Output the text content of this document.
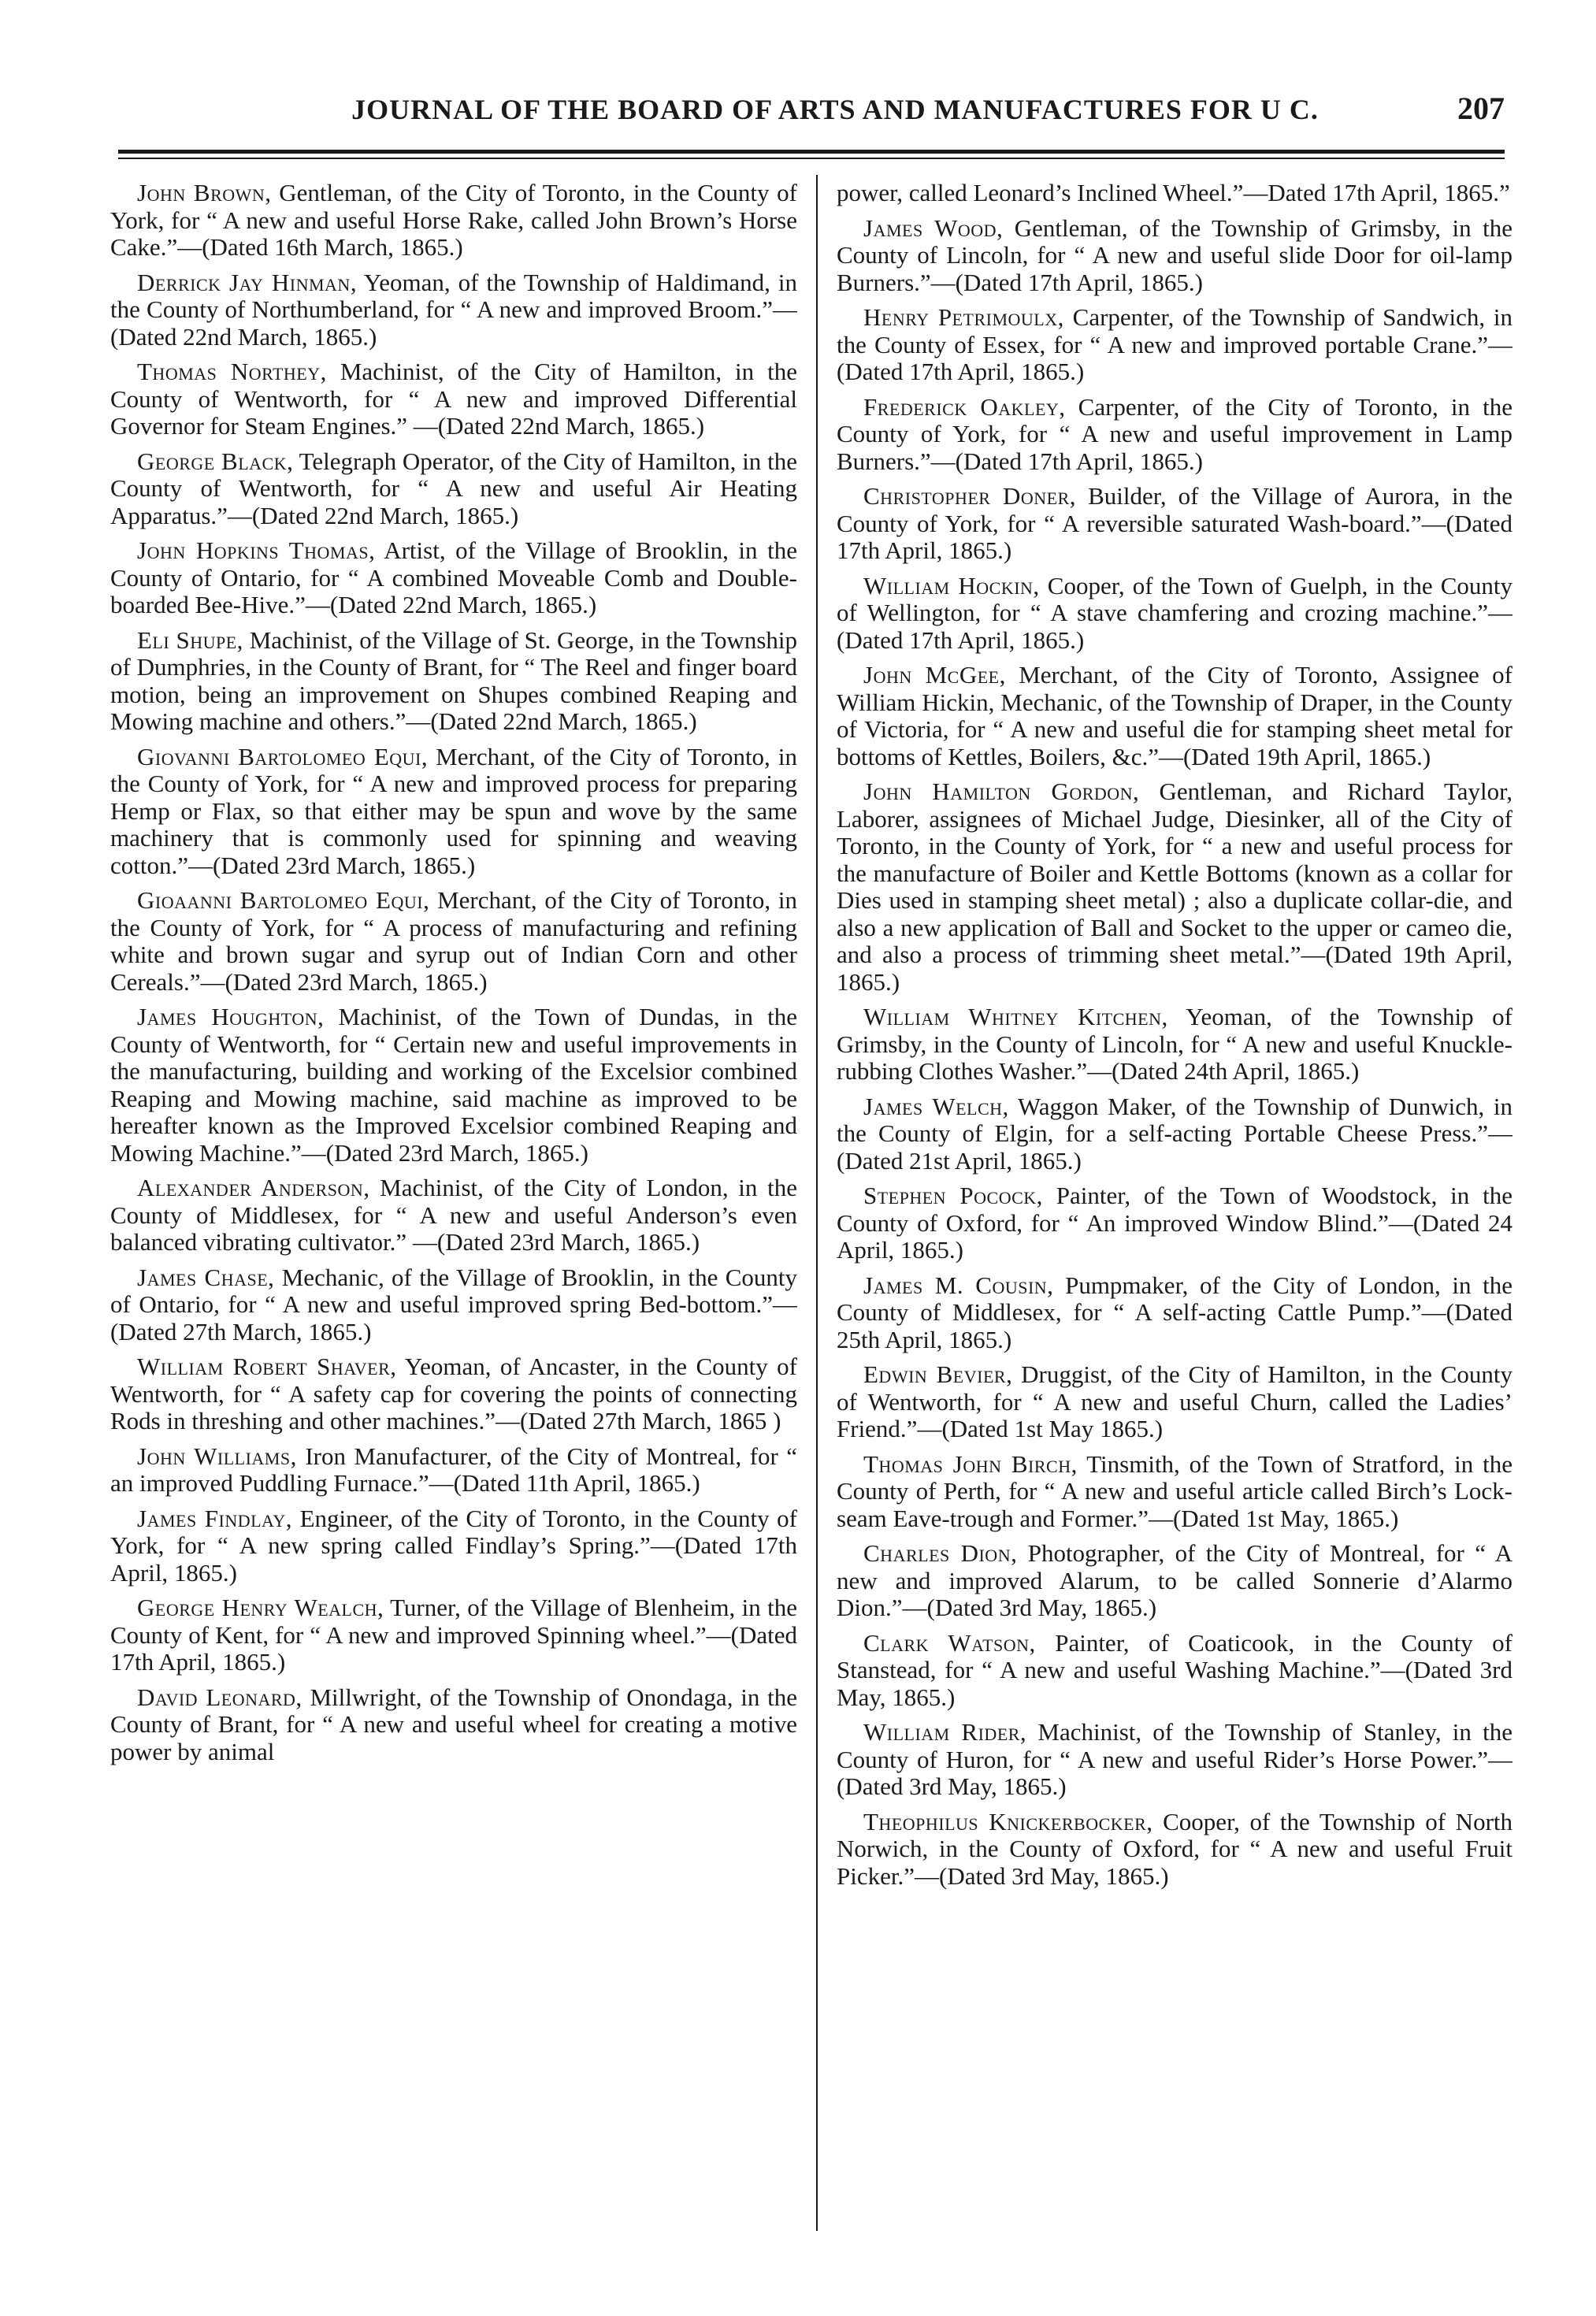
JOURNAL OF THE BOARD OF ARTS AND MANUFACTURES FOR U C.	207

John Brown, Gentleman, of the City of Toronto, in the County of York, for “ A new and useful Horse Rake, called John Brown’s Horse Cake.”—(Dated 16th March, 1865.)

Derrick Jay Hinman, Yeoman, of the Township of Haldimand, in the County of Northumberland, for “ A new and improved Broom.”—(Dated 22nd March, 1865.)

Thomas Northey, Machinist, of the City of Hamilton, in the County of Wentworth, for “ A new and improved Differential Governor for Steam Engines.” —(Dated 22nd March, 1865.)

George Black, Telegraph Operator, of the City of Hamilton, in the County of Wentworth, for “ A new and useful Air Heating Apparatus.”—(Dated 22nd March, 1865.)

John Hopkins Thomas, Artist, of the Village of Brooklin, in the County of Ontario, for “ A combined Moveable Comb and Double-boarded Bee-Hive.”—(Dated 22nd March, 1865.)

Eli Shupe, Machinist, of the Village of St. George, in the Township of Dumphries, in the County of Brant, for “ The Reel and finger board motion, being an improvement on Shupes combined Reaping and Mowing machine and others.”—(Dated 22nd March, 1865.)

Giovanni Bartolomeo Equi, Merchant, of the City of Toronto, in the County of York, for “ A new and improved process for preparing Hemp or Flax, so that either may be spun and wove by the same machinery that is commonly used for spinning and weaving cotton.”—(Dated 23rd March, 1865.)

Gioaanni Bartolomeo Equi, Merchant, of the City of Toronto, in the County of York, for “ A process of manufacturing and refining white and brown sugar and syrup out of Indian Corn and other Cereals.”—(Dated 23rd March, 1865.)

James Houghton, Machinist, of the Town of Dundas, in the County of Wentworth, for “ Certain new and useful improvements in the manufacturing, building and working of the Excelsior combined Reaping and Mowing machine, said machine as improved to be hereafter known as the Improved Excelsior combined Reaping and Mowing Machine.”—(Dated 23rd March, 1865.)

Alexander Anderson, Machinist, of the City of London, in the County of Middlesex, for “ A new and useful Anderson’s even balanced vibrating cultivator.” —(Dated 23rd March, 1865.)

James Chase, Mechanic, of the Village of Brooklin, in the County of Ontario, for “ A new and useful improved spring Bed-bottom.”—(Dated 27th March, 1865.)

William Robert Shaver, Yeoman, of Ancaster, in the County of Wentworth, for “ A safety cap for covering the points of connecting Rods in threshing and other machines.”—(Dated 27th March, 1865 )

John Williams, Iron Manufacturer, of the City of Montreal, for “ an improved Puddling Furnace.”—(Dated 11th April, 1865.)

James Findlay, Engineer, of the City of Toronto, in the County of York, for “ A new spring called Findlay’s Spring.”—(Dated 17th April, 1865.)

George Henry Wealch, Turner, of the Village of Blenheim, in the County of Kent, for “ A new and improved Spinning wheel.”—(Dated 17th April, 1865.)

David Leonard, Millwright, of the Township of Onondaga, in the County of Brant, for “ A new and useful wheel for creating a motive power by animal

power, called Leonard’s Inclined Wheel.”—Dated 17th April, 1865.”

James Wood, Gentleman, of the Township of Grimsby, in the County of Lincoln, for “ A new and useful slide Door for oil-lamp Burners.”—(Dated 17th April, 1865.)

Henry Petrimoulx, Carpenter, of the Township of Sandwich, in the County of Essex, for “ A new and improved portable Crane.”—(Dated 17th April, 1865.)

Frederick Oakley, Carpenter, of the City of Toronto, in the County of York, for “ A new and useful improvement in Lamp Burners.”—(Dated 17th April, 1865.)

Christopher Doner, Builder, of the Village of Aurora, in the County of York, for “ A reversible saturated Wash-board.”—(Dated 17th April, 1865.)

William Hockin, Cooper, of the Town of Guelph, in the County of Wellington, for “ A stave chamfering and crozing machine.”—(Dated 17th April, 1865.)

John McGee, Merchant, of the City of Toronto, Assignee of William Hickin, Mechanic, of the Township of Draper, in the County of Victoria, for “ A new and useful die for stamping sheet metal for bottoms of Kettles, Boilers, &c.”—(Dated 19th April, 1865.)

John Hamilton Gordon, Gentleman, and Richard Taylor, Laborer, assignees of Michael Judge, Diesinker, all of the City of Toronto, in the County of York, for “ a new and useful process for the manufacture of Boiler and Kettle Bottoms (known as a collar for Dies used in stamping sheet metal) ; also a duplicate collar-die, and also a new application of Ball and Socket to the upper or cameo die, and also a process of trimming sheet metal.”—(Dated 19th April, 1865.)

William Whitney Kitchen, Yeoman, of the Township of Grimsby, in the County of Lincoln, for “ A new and useful Knuckle-rubbing Clothes Washer.”—(Dated 24th April, 1865.)

James Welch, Waggon Maker, of the Township of Dunwich, in the County of Elgin, for a self-acting Portable Cheese Press.”—(Dated 21st April, 1865.)

Stephen Pocock, Painter, of the Town of Woodstock, in the County of Oxford, for “ An improved Window Blind.”—(Dated 24 April, 1865.)

James M. Cousin, Pumpmaker, of the City of London, in the County of Middlesex, for “ A self-acting Cattle Pump.”—(Dated 25th April, 1865.)

Edwin Bevier, Druggist, of the City of Hamilton, in the County of Wentworth, for “ A new and useful Churn, called the Ladies’ Friend.”—(Dated 1st May 1865.)

Thomas John Birch, Tinsmith, of the Town of Stratford, in the County of Perth, for “ A new and useful article called Birch’s Lock-seam Eave-trough and Former.”—(Dated 1st May, 1865.)

Charles Dion, Photographer, of the City of Montreal, for “ A new and improved Alarum, to be called Sonnerie d’Alarmo Dion.”—(Dated 3rd May, 1865.)

Clark Watson, Painter, of Coaticook, in the County of Stanstead, for “ A new and useful Washing Machine.”—(Dated 3rd May, 1865.)

William Rider, Machinist, of the Township of Stanley, in the County of Huron, for “ A new and useful Rider’s Horse Power.”—(Dated 3rd May, 1865.)

Theophilus Knickerbocker, Cooper, of the Township of North Norwich, in the County of Oxford, for “ A new and useful Fruit Picker.”—(Dated 3rd May, 1865.)
